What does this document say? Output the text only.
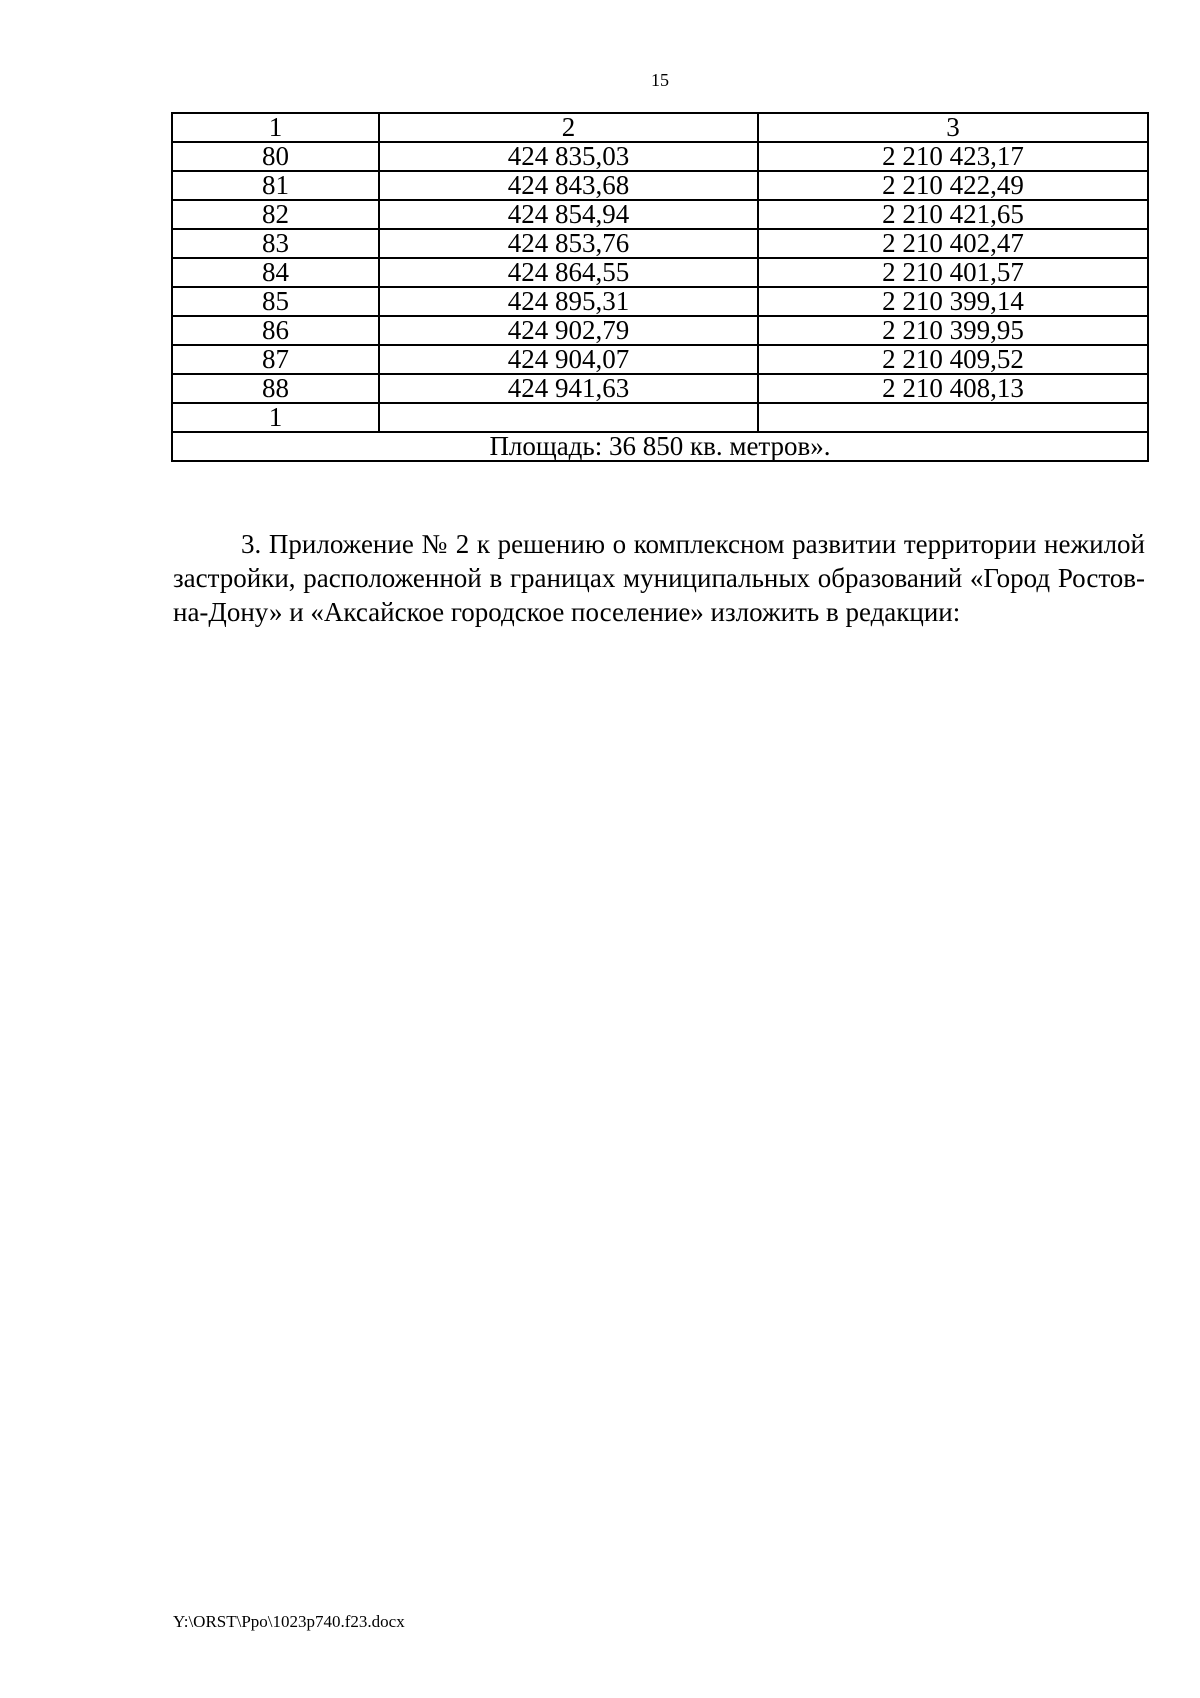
15
1	2	3
80	424 835,03	2 210 423,17
81	424 843,68	2 210 422,49
82	424 854,94	2 210 421,65
83	424 853,76	2 210 402,47
84	424 864,55	2 210 401,57
85	424 895,31	2 210 399,14
86	424 902,79	2 210 399,95
87	424 904,07	2 210 409,52
88	424 941,63	2 210 408,13
1		
Площадь: 36 850 кв. метров».		

3. Приложение № 2 к решению о комплексном развитии территории нежилой застройки, расположенной в границах муниципальных образований «Город Ростов-на-Дону» и «Аксайское городское поселение» изложить в редакции:

Y:\ORST\Ppo\1023p740.f23.docx
